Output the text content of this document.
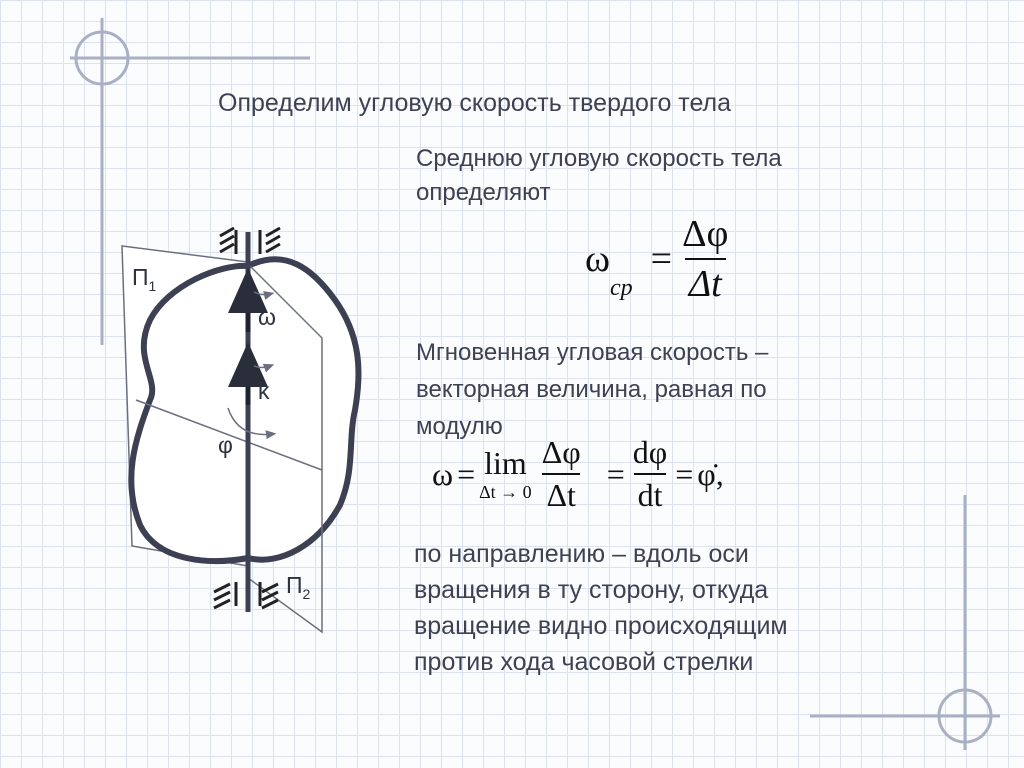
$П_1$
$П_2$
ω
k
φ
Определим угловую скорость твердого тела
Среднюю угловую скорость тела
определяют
ω
cp
= $\frac{\Delta\varphi}{\Delta t}$
Мгновенная угловая скорость –
векторная величина, равная по
модулю
ω = lim
$\Delta t \to 0 \frac{\Delta\varphi}{\Delta t} = \frac{d\varphi}{dt}$ = φ̇ ,
по направлению – вдоль оси
вращения в ту сторону, откуда
вращение видно происходящим
против хода часовой стрелки
